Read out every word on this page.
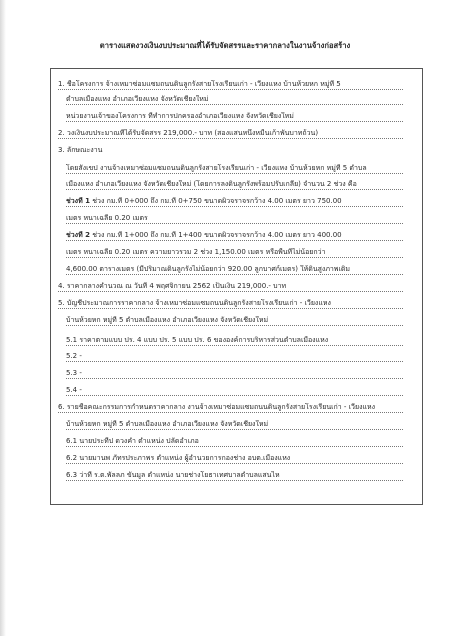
ตารางแสดงวงเงินงบประมาณที่ได้รับจัดสรรและราคากลางในงานจ้างก่อสร้าง
1. ชื่อโครงการ จ้างเหมาซ่อมแซมถนนดินลูกรังสายโรงเรียนเก่า - เวียงแหง บ้านห้วยหก หมู่ที่ 5
ตำบลเมืองแหง อำเภอเวียงแหง จังหวัดเชียงใหม่
หน่วยงานเจ้าของโครงการ ที่ทำการปกครองอำเภอเวียงแหง จังหวัดเชียงใหม่
2. วงเงินงบประมาณที่ได้รับจัดสรร 219,000.- บาท (สองแสนหนึ่งหมื่นเก้าพันบาทถ้วน)
3. ลักษณะงาน
โดยสังเขป งานจ้างเหมาซ่อมแซมถนนดินลูกรังสายโรงเรียนเก่า - เวียงแหง บ้านห้วยหก หมู่ที่ 5 ตำบล
เมืองแหง อำเภอเวียงแหง จังหวัดเชียงใหม่ (โดยการลงดินลูกรังพร้อมปรับเกลี่ย) จำนวน 2 ช่วง คือ
ช่วงที่ 1 ช่วง กม.ที่ 0+000 ถึง กม.ที่ 0+750 ขนาดผิวจราจรกว้าง 4.00 เมตร ยาว 750.00
เมตร หนาเฉลี่ย 0.20 เมตร
ช่วงที่ 2 ช่วง กม.ที่ 1+000 ถึง กม.ที่ 1+400 ขนาดผิวจราจรกว้าง 4.00 เมตร ยาว 400.00
เมตร หนาเฉลี่ย 0.20 เมตร ความยาวรวม 2 ช่วง 1,150.00 เมตร หรือพื้นที่ไม่น้อยกว่า
4,600.00 ตารางเมตร (มีปริมาณดินลูกรังไม่น้อยกว่า 920.00 ลูกบาศก์เมตร) ให้ดินสูงภาพเดิม
4. ราคากลางคำนวณ ณ วันที่ 4 พฤศจิกายน 2562 เป็นเงิน 219,000.- บาท
5. บัญชีประมาณการราคากลาง จ้างเหมาซ่อมแซมถนนดินลูกรังสายโรงเรียนเก่า - เวียงแหง
บ้านห้วยหก หมู่ที่ 5 ตำบลเมืองแหง อำเภอเวียงแหง จังหวัดเชียงใหม่
5.1 ราคาตามแบบ ปร. 4 แบบ ปร. 5 แบบ ปร. 6 ขององค์การบริหารส่วนตำบลเมืองแหง
5.2 -
5.3 -
5.4 -
6. รายชื่อคณะกรรมการกำหนดราคากลาง งานจ้างเหมาซ่อมแซมถนนดินลูกรังสายโรงเรียนเก่า - เวียงแหง
บ้านห้วยหก หมู่ที่ 5 ตำบลเมืองแหง อำเภอเวียงแหง จังหวัดเชียงใหม่
6.1 นายประทีป ดวงคำ ตำแหน่ง ปลัดอำเภอ
6.2 นายมานพ ภัทรประภาพร ตำแหน่ง ผู้อำนวยการกองช่าง อบต.เมืองแหง
6.3 ว่าที่ ร.ต.พัลลภ ขันมูล ตำแหน่ง นายช่างโยธาเทศบาลตำบลแสนไห
